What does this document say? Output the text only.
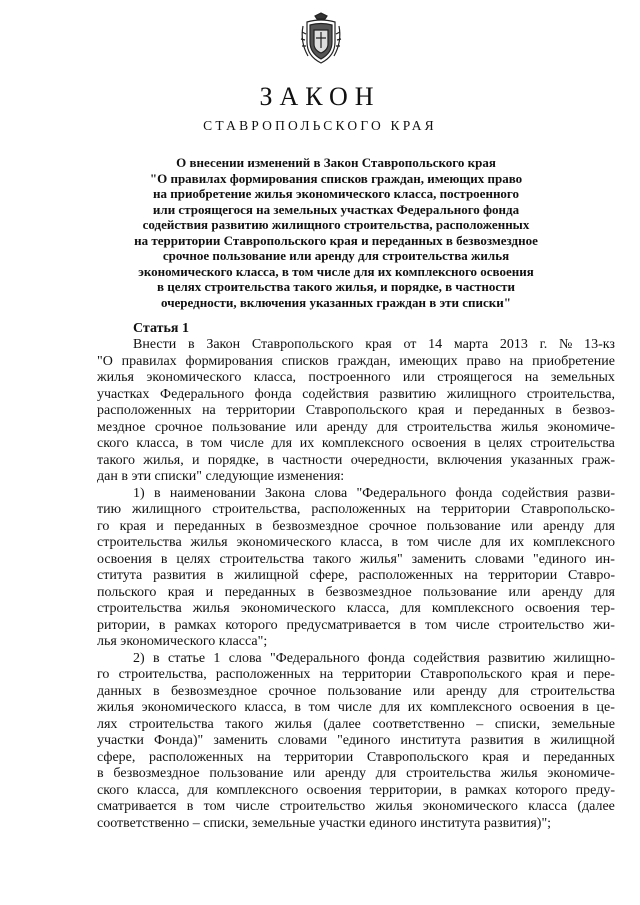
ЗАКОН
СТАВРОПОЛЬСКОГО КРАЯ
О внесении изменений в Закон Ставропольского края
"О правилах формирования списков граждан, имеющих право
на приобретение жилья экономического класса, построенного
или строящегося на земельных участках Федерального фонда
содействия развитию жилищного строительства, расположенных
на территории Ставропольского края и переданных в безвозмездное
срочное пользование или аренду для строительства жилья
экономического класса, в том числе для их комплексного освоения
в целях строительства такого жилья, и порядке, в частности
очередности, включения указанных граждан в эти списки"
Статья 1
Внести в Закон Ставропольского края от 14 марта 2013 г. № 13-кз
"О правилах формирования списков граждан, имеющих право на приобретение
жилья экономического класса, построенного или строящегося на земельных
участках Федерального фонда содействия развитию жилищного строительства,
расположенных на территории Ставропольского края и переданных в безвоз-
мездное срочное пользование или аренду для строительства жилья экономиче-
ского класса, в том числе для их комплексного освоения в целях строительства
такого жилья, и порядке, в частности очередности, включения указанных граж-
дан в эти списки" следующие изменения:
1) в наименовании Закона слова "Федерального фонда содействия разви-
тию жилищного строительства, расположенных на территории Ставропольско-
го края и переданных в безвозмездное срочное пользование или аренду для
строительства жилья экономического класса, в том числе для их комплексного
освоения в целях строительства такого жилья" заменить словами "единого ин-
ститута развития в жилищной сфере, расположенных на территории Ставро-
польского края и переданных в безвозмездное пользование или аренду для
строительства жилья экономического класса, для комплексного освоения тер-
ритории, в рамках которого предусматривается в том числе строительство жи-
лья экономического класса";
2) в статье 1 слова "Федерального фонда содействия развитию жилищно-
го строительства, расположенных на территории Ставропольского края и пере-
данных в безвозмездное срочное пользование или аренду для строительства
жилья экономического класса, в том числе для их комплексного освоения в це-
лях строительства такого жилья (далее соответственно – списки, земельные
участки Фонда)" заменить словами "единого института развития в жилищной
сфере, расположенных на территории Ставропольского края и переданных
в безвозмездное пользование или аренду для строительства жилья экономиче-
ского класса, для комплексного освоения территории, в рамках которого преду-
сматривается в том числе строительство жилья экономического класса (далее
соответственно – списки, земельные участки единого института развития)";
